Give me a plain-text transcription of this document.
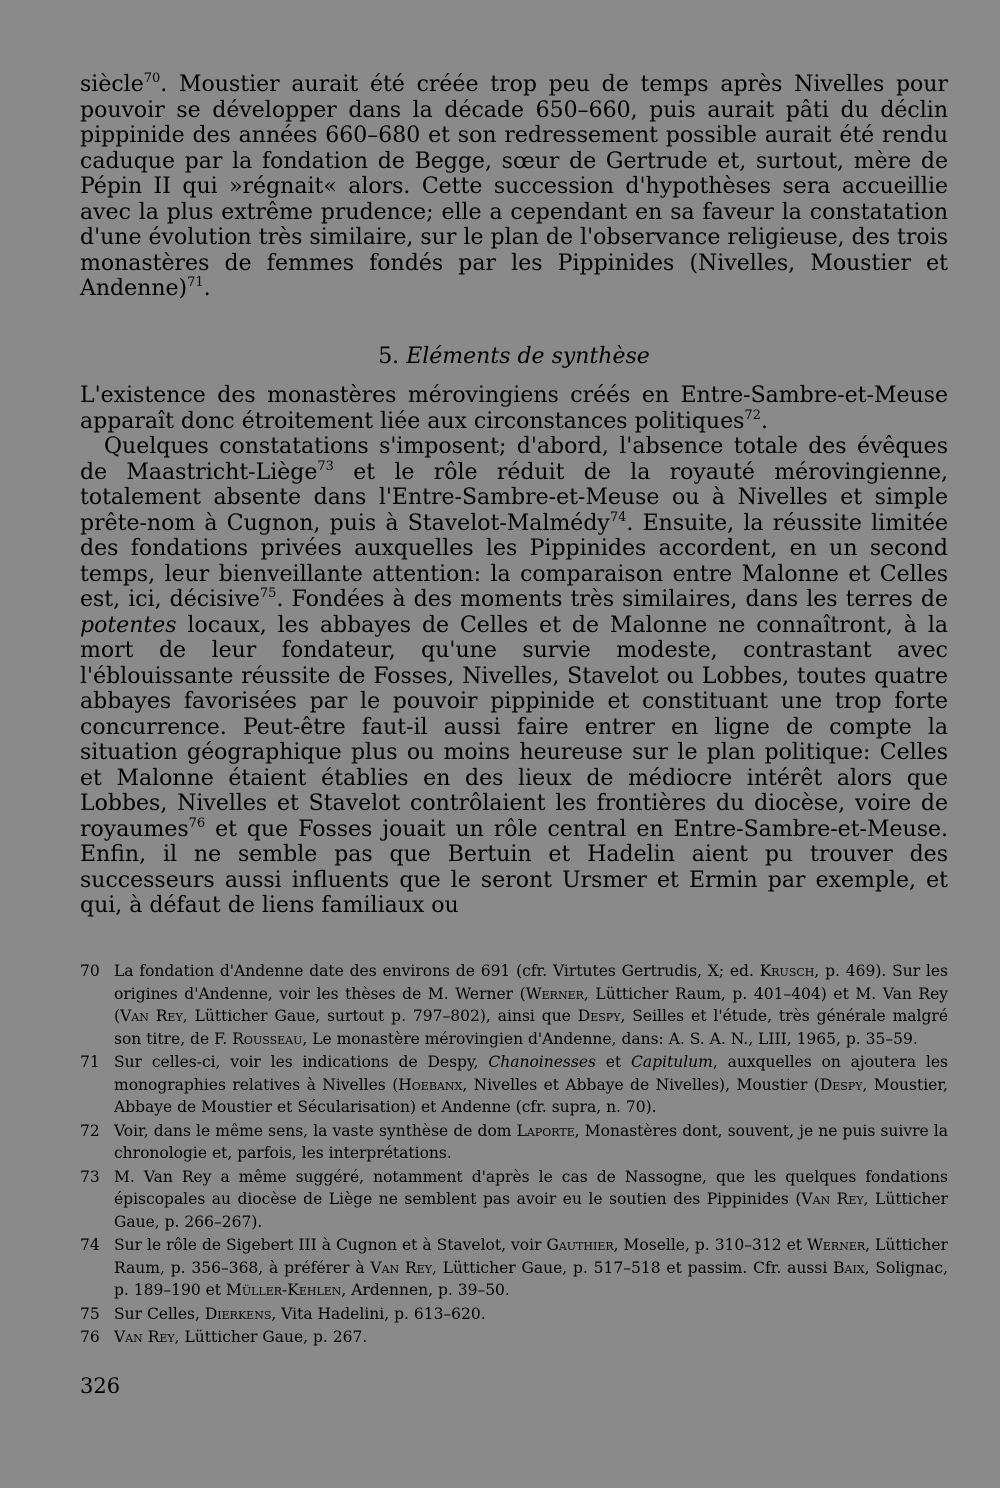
siècle$^{70}$. Moustier aurait été créée trop peu de temps après Nivelles pour pouvoir se développer dans la décade 650–660, puis aurait pâti du déclin pippinide des années 660–680 et son redressement possible aurait été rendu caduque par la fondation de Begge, sœur de Gertrude et, surtout, mère de Pépin II qui »régnait« alors. Cette succession d'hypothèses sera accueillie avec la plus extrême prudence; elle a cependant en sa faveur la constatation d'une évolution très similaire, sur le plan de l'observance religieuse, des trois monastères de femmes fondés par les Pippinides (Nivelles, Moustier et Andenne)$^{71}$.

5. Eléments de synthèse

L'existence des monastères mérovingiens créés en Entre-Sambre-et-Meuse apparaît donc étroitement liée aux circonstances politiques$^{72}$.

Quelques constatations s'imposent; d'abord, l'absence totale des évêques de Maastricht-Liège$^{73}$ et le rôle réduit de la royauté mérovingienne, totalement absente dans l'Entre-Sambre-et-Meuse ou à Nivelles et simple prête-nom à Cugnon, puis à Stavelot-Malmédy$^{74}$. Ensuite, la réussite limitée des fondations privées auxquelles les Pippinides accordent, en un second temps, leur bienveillante attention: la comparaison entre Malonne et Celles est, ici, décisive$^{75}$. Fondées à des moments très similaires, dans les terres de potentes locaux, les abbayes de Celles et de Malonne ne connaîtront, à la mort de leur fondateur, qu'une survie modeste, contrastant avec l'éblouissante réussite de Fosses, Nivelles, Stavelot ou Lobbes, toutes quatre abbayes favorisées par le pouvoir pippinide et constituant une trop forte concurrence. Peut-être faut-il aussi faire entrer en ligne de compte la situation géographique plus ou moins heureuse sur le plan politique: Celles et Malonne étaient établies en des lieux de médiocre intérêt alors que Lobbes, Nivelles et Stavelot contrôlaient les frontières du diocèse, voire de royaumes$^{76}$ et que Fosses jouait un rôle central en Entre-Sambre-et-Meuse. Enfin, il ne semble pas que Bertuin et Hadelin aient pu trouver des successeurs aussi influents que le seront Ursmer et Ermin par exemple, et qui, à défaut de liens familiaux ou

70 La fondation d'Andenne date des environs de 691 (cfr. Virtutes Gertrudis, X; ed. Krusch, p. 469). Sur les origines d'Andenne, voir les thèses de M. Werner (Werner, Lütticher Raum, p. 401–404) et M. Van Rey (Van Rey, Lütticher Gaue, surtout p. 797–802), ainsi que Despy, Seilles et l'étude, très générale malgré son titre, de F. Rousseau, Le monastère mérovingien d'Andenne, dans: A. S. A. N., LIII, 1965, p. 35–59.
71 Sur celles-ci, voir les indications de Despy, Chanoinesses et Capitulum, auxquelles on ajoutera les monographies relatives à Nivelles (Hoebanx, Nivelles et Abbaye de Nivelles), Moustier (Despy, Moustier, Abbaye de Moustier et Sécularisation) et Andenne (cfr. supra, n. 70).
72 Voir, dans le même sens, la vaste synthèse de dom Laporte, Monastères dont, souvent, je ne puis suivre la chronologie et, parfois, les interprétations.
73 M. Van Rey a même suggéré, notamment d'après le cas de Nassogne, que les quelques fondations épiscopales au diocèse de Liège ne semblent pas avoir eu le soutien des Pippinides (Van Rey, Lütticher Gaue, p. 266–267).
74 Sur le rôle de Sigebert III à Cugnon et à Stavelot, voir Gauthier, Moselle, p. 310–312 et Werner, Lütticher Raum, p. 356–368, à préférer à Van Rey, Lütticher Gaue, p. 517–518 et passim. Cfr. aussi Baix, Solignac, p. 189–190 et Müller-Kehlen, Ardennen, p. 39–50.
75 Sur Celles, Dierkens, Vita Hadelini, p. 613–620.
76 Van Rey, Lütticher Gaue, p. 267.
326
